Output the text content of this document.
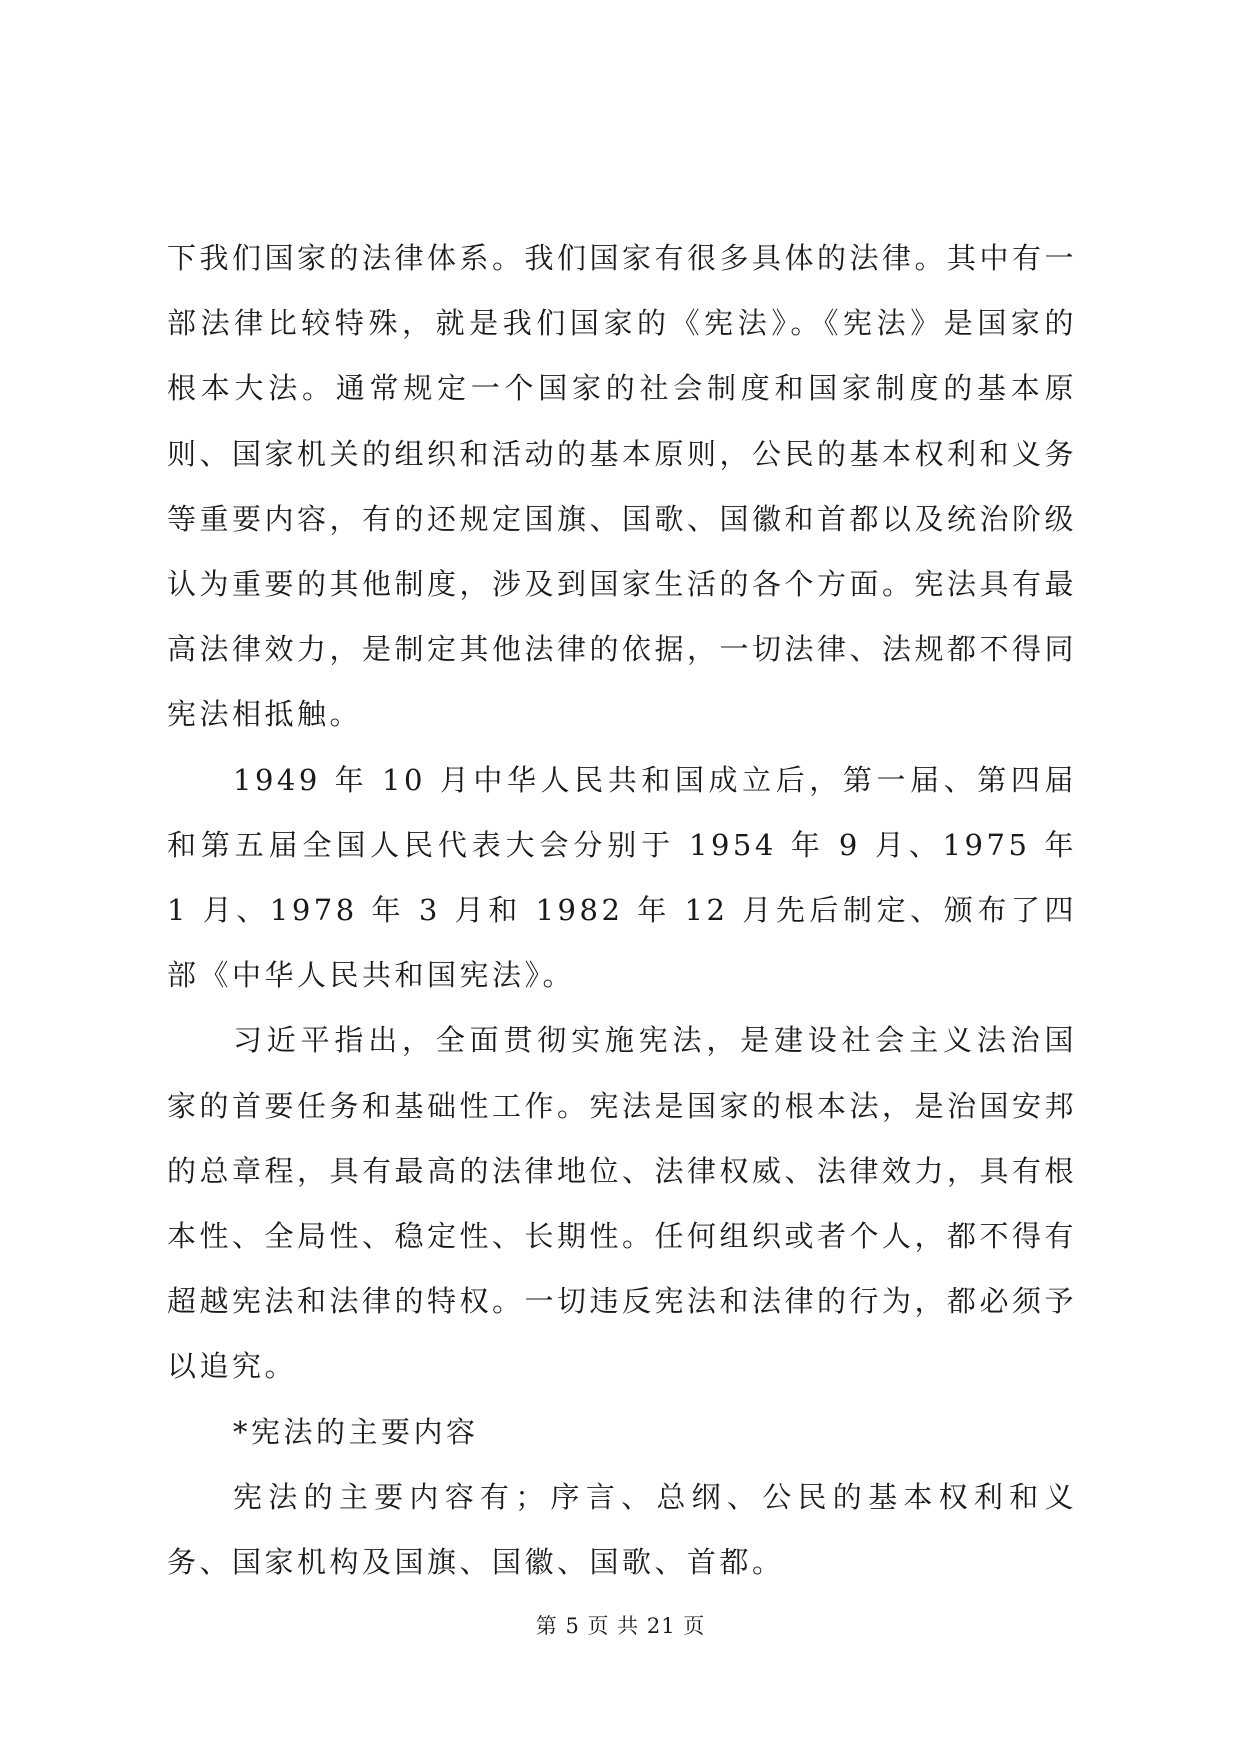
下我们国家的法律体系。我们国家有很多具体的法律。其中有一部法律比较特殊，就是我们国家的《宪法》。《宪法》是国家的根本大法。通常规定一个国家的社会制度和国家制度的基本原则、国家机关的组织和活动的基本原则，公民的基本权利和义务等重要内容，有的还规定国旗、国歌、国徽和首都以及统治阶级认为重要的其他制度，涉及到国家生活的各个方面。宪法具有最高法律效力，是制定其他法律的依据，一切法律、法规都不得同宪法相抵触。

1949 年 10 月中华人民共和国成立后，第一届、第四届和第五届全国人民代表大会分别于 1954 年 9 月、1975 年 1 月、1978 年 3 月和 1982 年 12 月先后制定、颁布了四部《中华人民共和国宪法》。

习近平指出，全面贯彻实施宪法，是建设社会主义法治国家的首要任务和基础性工作。宪法是国家的根本法，是治国安邦的总章程，具有最高的法律地位、法律权威、法律效力，具有根本性、全局性、稳定性、长期性。任何组织或者个人，都不得有超越宪法和法律的特权。一切违反宪法和法律的行为，都必须予以追究。

*宪法的主要内容

宪法的主要内容有；序言、总纲、公民的基本权利和义务、国家机构及国旗、国徽、国歌、首都。

第 5 页 共 21 页
